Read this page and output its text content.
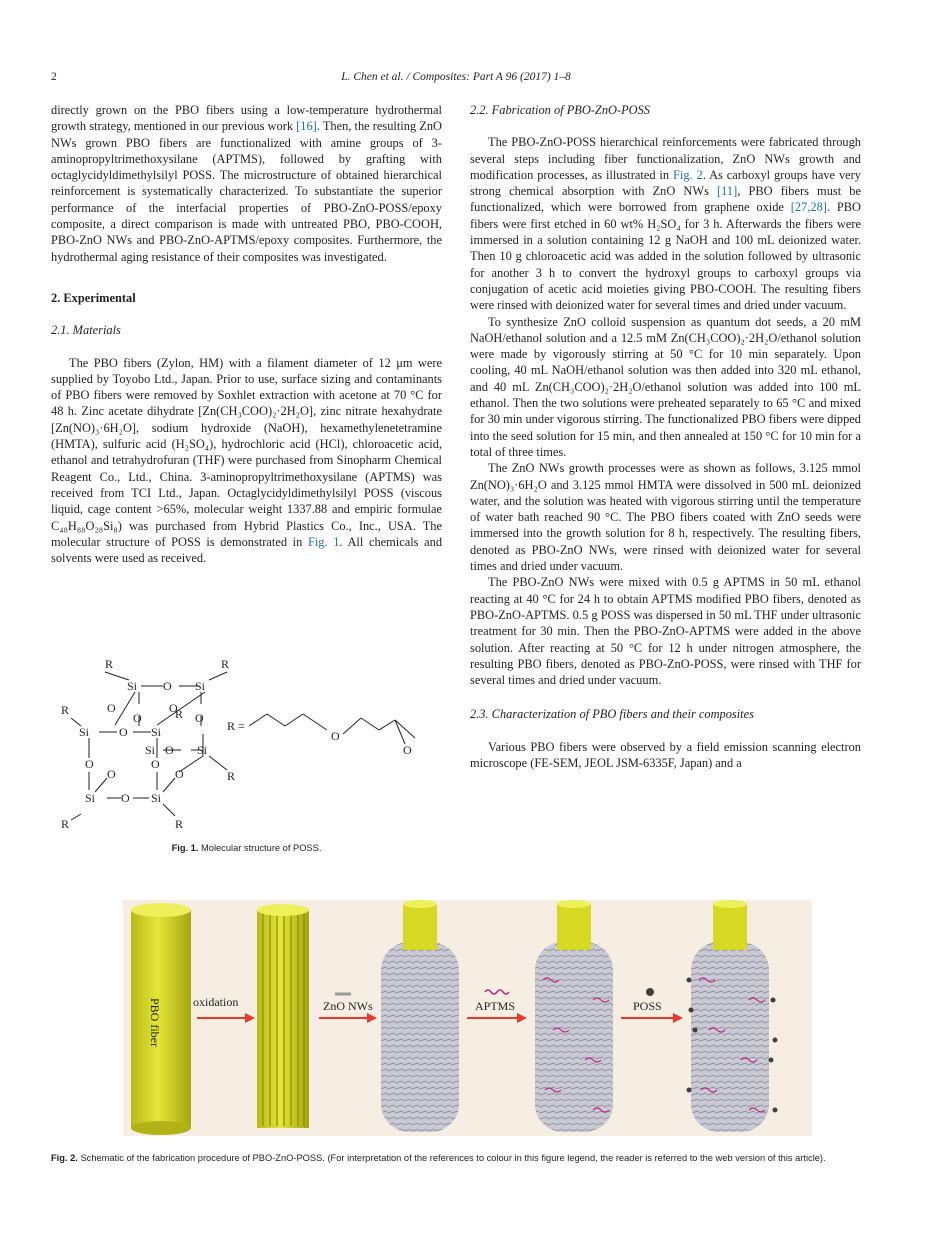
2	L. Chen et al. / Composites: Part A 96 (2017) 1–8

directly grown on the PBO fibers using a low-temperature hydrothermal growth strategy, mentioned in our previous work [16]. Then, the resulting ZnO NWs grown PBO fibers are functionalized with amine groups of 3-aminopropyltrimethoxysilane (APTMS), followed by grafting with octaglycidyldimethylsilyl POSS. The microstructure of obtained hierarchical reinforcement is systematically characterized. To substantiate the superior performance of the interfacial properties of PBO-ZnO-POSS/epoxy composite, a direct comparison is made with untreated PBO, PBO-COOH, PBO-ZnO NWs and PBO-ZnO-APTMS/epoxy composites. Furthermore, the hydrothermal aging resistance of their composites was investigated.

2. Experimental
2.1. Materials

The PBO fibers (Zylon, HM) with a filament diameter of 12 μm were supplied by Toyobo Ltd., Japan. Prior to use, surface sizing and contaminants of PBO fibers were removed by Soxhlet extraction with acetone at 70 °C for 48 h. Zinc acetate dihydrate [Zn(CH₃COO)₂·2H₂O], zinc nitrate hexahydrate [Zn(NO)₃·6H₂O], sodium hydroxide (NaOH), hexamethylenetetramine (HMTA), sulfuric acid (H₂SO₄), hydrochloric acid (HCl), chloroacetic acid, ethanol and tetrahydrofuran (THF) were purchased from Sinopharm Chemical Reagent Co., Ltd., China. 3-aminopropyltrimethoxysilane (APTMS) was received from TCI Ltd., Japan. Octaglycidyldimethylsilyl POSS (viscous liquid, cage content >65%, molecular weight 1337.88 and empiric formulae C₄₈H₈₈O₂₈Si₈) was purchased from Hybrid Plastics Co., Inc., USA. The molecular structure of POSS is demonstrated in Fig. 1. All chemicals and solvents were used as received.

R
Si O Si
R
R	O
O
O
R O
Si O Si
Si O Si
O	O
O	O	R
Si O Si
R	R
R =
O
O
Fig. 1. Molecular structure of POSS.
2.2. Fabrication of PBO-ZnO-POSS

The PBO-ZnO-POSS hierarchical reinforcements were fabricated through several steps including fiber functionalization, ZnO NWs growth and modification processes, as illustrated in Fig. 2. As carboxyl groups have very strong chemical absorption with ZnO NWs [11], PBO fibers must be functionalized, which were borrowed from graphene oxide [27,28]. PBO fibers were first etched in 60 wt% H₂SO₄ for 3 h. Afterwards the fibers were immersed in a solution containing 12 g NaOH and 100 mL deionized water. Then 10 g chloroacetic acid was added in the solution followed by ultrasonic for another 3 h to convert the hydroxyl groups to carboxyl groups via conjugation of acetic acid moieties giving PBO-COOH. The resulting fibers were rinsed with deionized water for several times and dried under vacuum.

To synthesize ZnO colloid suspension as quantum dot seeds, a 20 mM NaOH/ethanol solution and a 12.5 mM Zn(CH₃COO)₂·2H₂O/ethanol solution were made by vigorously stirring at 50 °C for 10 min separately. Upon cooling, 40 mL NaOH/ethanol solution was then added into 320 mL ethanol, and 40 mL Zn(CH₃COO)₂·2H₂O/ethanol solution was added into 100 mL ethanol. Then the two solutions were preheated separately to 65 °C and mixed for 30 min under vigorous stirring. The functionalized PBO fibers were dipped into the seed solution for 15 min, and then annealed at 150 °C for 10 min for a total of three times.

The ZnO NWs growth processes were as shown as follows, 3.125 mmol Zn(NO)₃·6H₂O and 3.125 mmol HMTA were dissolved in 500 mL deionized water, and the solution was heated with vigorous stirring until the temperature of water bath reached 90 °C. The PBO fibers coated with ZnO seeds were immersed into the growth solution for 8 h, respectively. The resulting fibers, denoted as PBO-ZnO NWs, were rinsed with deionized water for several times and dried under vacuum.

The PBO-ZnO NWs were mixed with 0.5 g APTMS in 50 mL ethanol reacting at 40 °C for 24 h to obtain APTMS modified PBO fibers, denoted as PBO-ZnO-APTMS. 0.5 g POSS was dispersed in 50 mL THF under ultrasonic treatment for 30 min. Then the PBO-ZnO-APTMS were added in the above solution. After reacting at 50 °C for 12 h under nitrogen atmosphere, the resulting PBO fibers, denoted as PBO-ZnO-POSS, were rinsed with THF for several times and dried under vacuum.

2.3. Characterization of PBO fibers and their composites

Various PBO fibers were observed by a field emission scanning electron microscope (FE-SEM, JEOL JSM-6335F, Japan) and a

PBO fiber	oxidation	ZnO NWs	APTMS	POSS
Fig. 2. Schematic of the fabrication procedure of PBO-ZnO-POSS. (For interpretation of the references to colour in this figure legend, the reader is referred to the web version of this article).
